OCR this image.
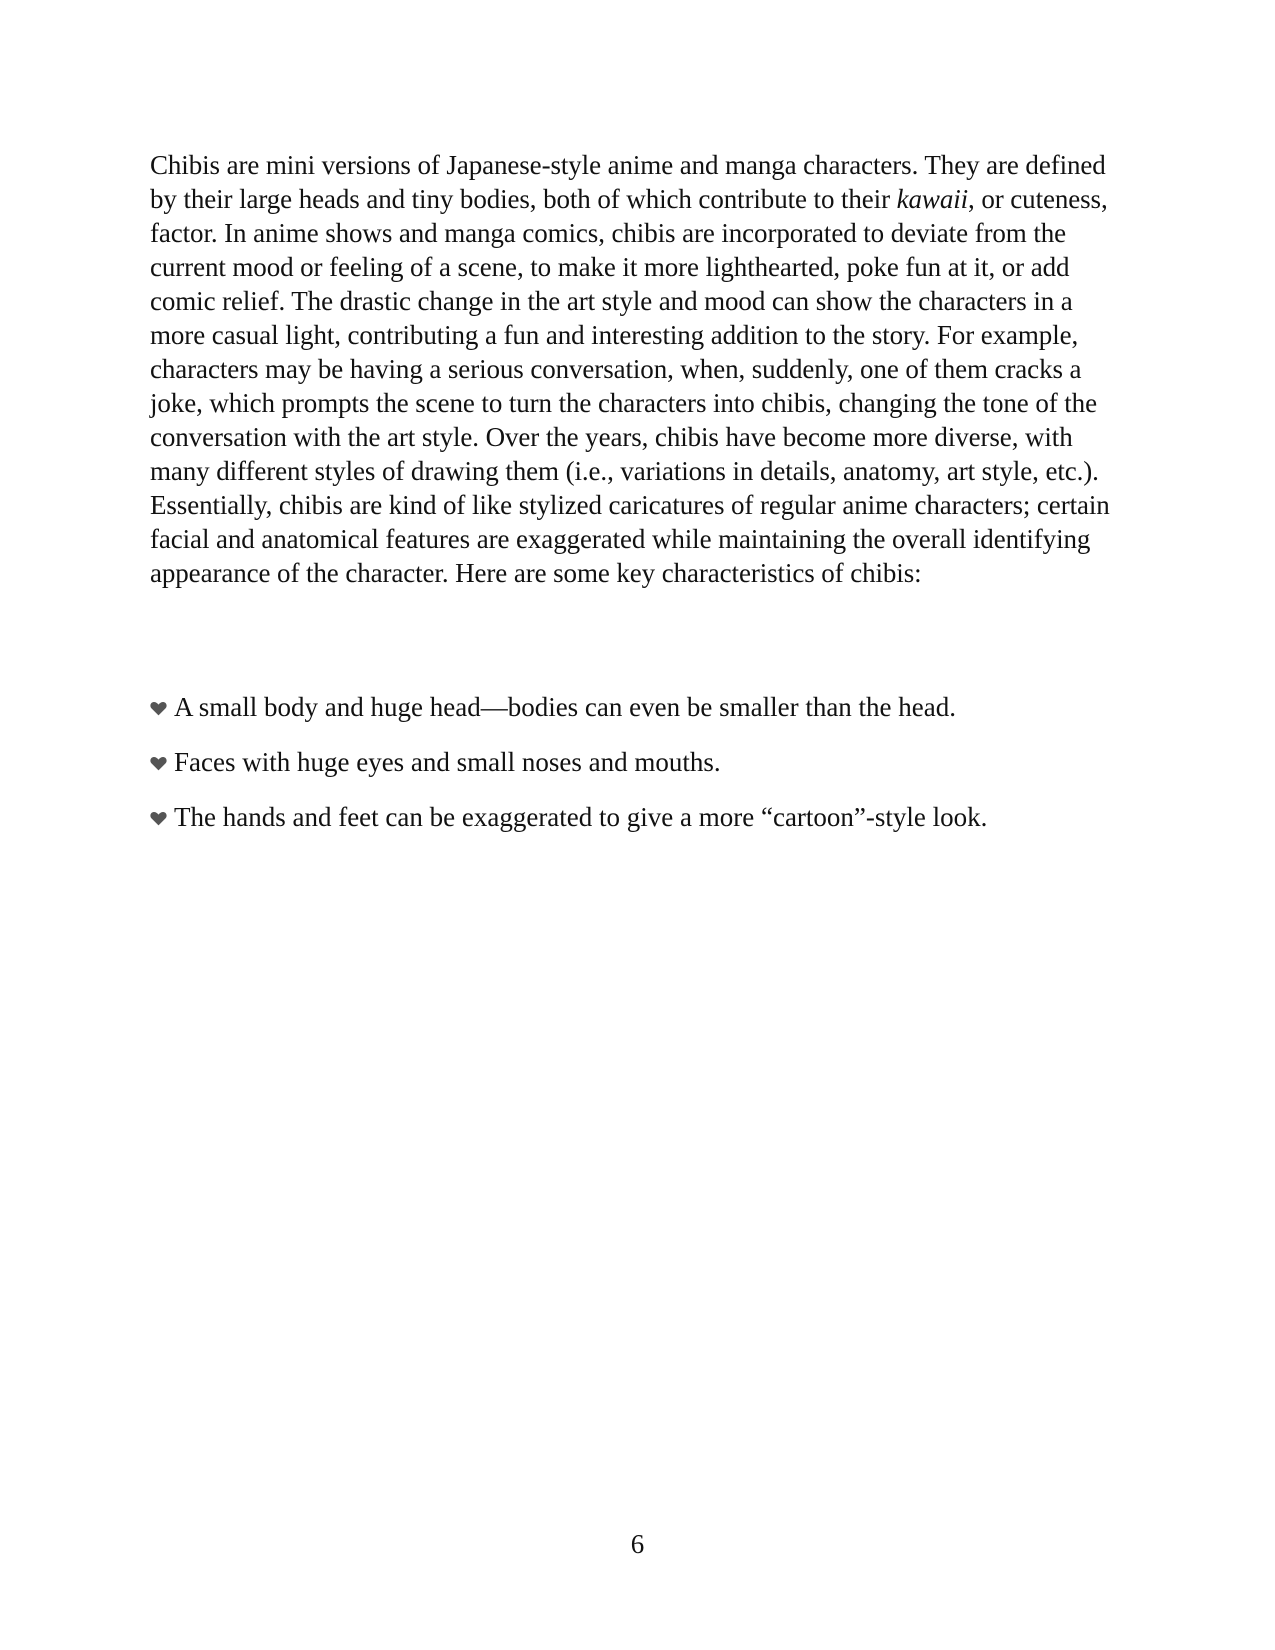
Chibis are mini versions of Japanese-style anime and manga characters. They are defined by their large heads and tiny bodies, both of which contribute to their kawaii, or cuteness, factor. In anime shows and manga comics, chibis are incorporated to deviate from the current mood or feeling of a scene, to make it more lighthearted, poke fun at it, or add comic relief. The drastic change in the art style and mood can show the characters in a more casual light, contributing a fun and interesting addition to the story. For example, characters may be having a serious conversation, when, suddenly, one of them cracks a joke, which prompts the scene to turn the characters into chibis, changing the tone of the conversation with the art style. Over the years, chibis have become more diverse, with many different styles of drawing them (i.e., variations in details, anatomy, art style, etc.). Essentially, chibis are kind of like stylized caricatures of regular anime characters; certain facial and anatomical features are exaggerated while maintaining the overall identifying appearance of the character. Here are some key characteristics of chibis:

A small body and huge head—bodies can even be smaller than the head.
Faces with huge eyes and small noses and mouths.
The hands and feet can be exaggerated to give a more “cartoon”-style look.
6
